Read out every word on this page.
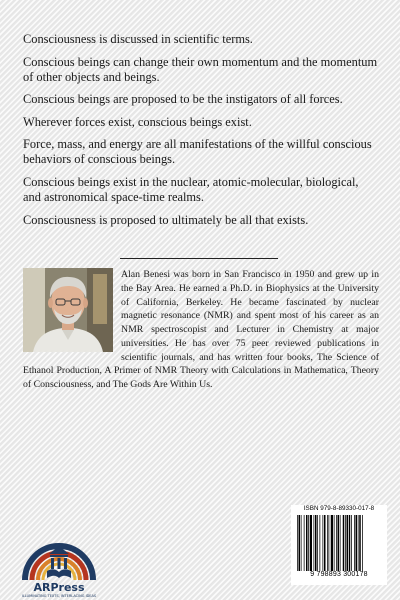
Consciousness is discussed in scientific terms.

Conscious beings can change their own momentum and the momentum of other objects and beings.

Conscious beings are proposed to be the instigators of all forces.

Wherever forces exist, conscious beings exist.

Force, mass, and energy are all manifestations of the willful conscious behaviors of conscious beings.

Conscious beings exist in the nuclear, atomic-molecular, biological, and astronomical space-time realms.

Consciousness is proposed to ultimately be all that exists.

Alan Benesi was born in San Francisco in 1950 and grew up in the Bay Area. He earned a Ph.D. in Biophysics at the University of California, Berkeley. He became fascinated by nuclear magnetic resonance (NMR) and spent most of his career as an NMR spectroscopist and Lecturer in Chemistry at major universities. He has over 75 peer reviewed publications in scientific journals, and has written four books, The Science of Ethanol Production, A Primer of NMR Theory with Calculations in Mathematica, Theory of Consciousness, and The Gods Are Within Us.
ARPress
ILLUMINATING TEXTS, INTERLACING IDEAS
ISBN 979-8-89330-017-8
9 798893 300178
